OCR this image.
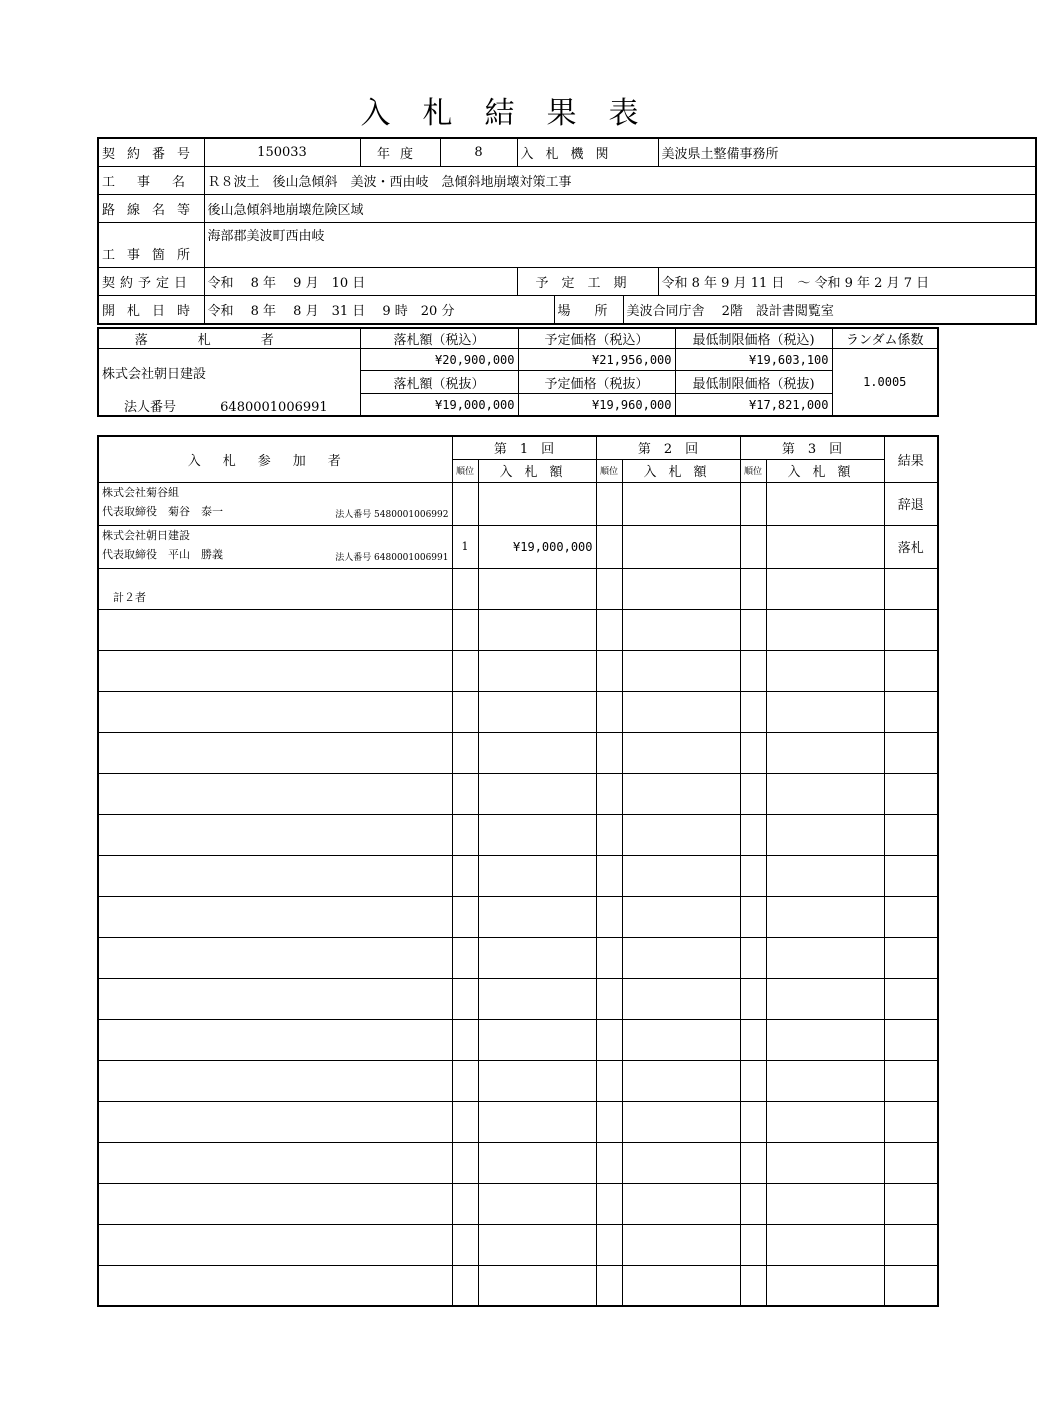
入 札 結 果 表
契約番号	150033	年度	8	入札機関			美波県土整備事務所
工事名	Ｒ８波土　後山急傾斜　美波・西由岐　急傾斜地崩壊対策工事						
路線名等	後山急傾斜地崩壊危険区域						
工事箇所	海部郡美波町西由岐						
契約予定日	令和　 8 年　 9 月　10 日			予定工期			令和 8 年 9 月 11 日　～ 令和 9 年 2 月 7 日
開札日時	令和　 8 年　 8 月　31 日　 9 時　20 分				場所	美波合同庁舎　 2階　設計書閲覧室	
落札者	落札額（税込）	予定価格（税込）	最低制限価格（税込)	ランダム係数

株式会社朝日建設
法人番号 6480001006991	¥20,900,000	¥21,956,000	¥19,603,100	1.0005
	落札額（税抜）	予定価格（税抜）	最低制限価格（税抜)	
	¥19,000,000	¥19,960,000	¥17,821,000	
入札参加者	第　1　回		第　2　回		第　3　回		結果
	順位	入札額	順位	入札額	順位	入札額	

株式会社菊谷組
代表取締役　菊谷　泰一 法人番号 5480001006992							辞退

株式会社朝日建設
代表取締役　平山　勝義 法人番号 6480001006991	1	¥19,000,000					落札
計２者							
